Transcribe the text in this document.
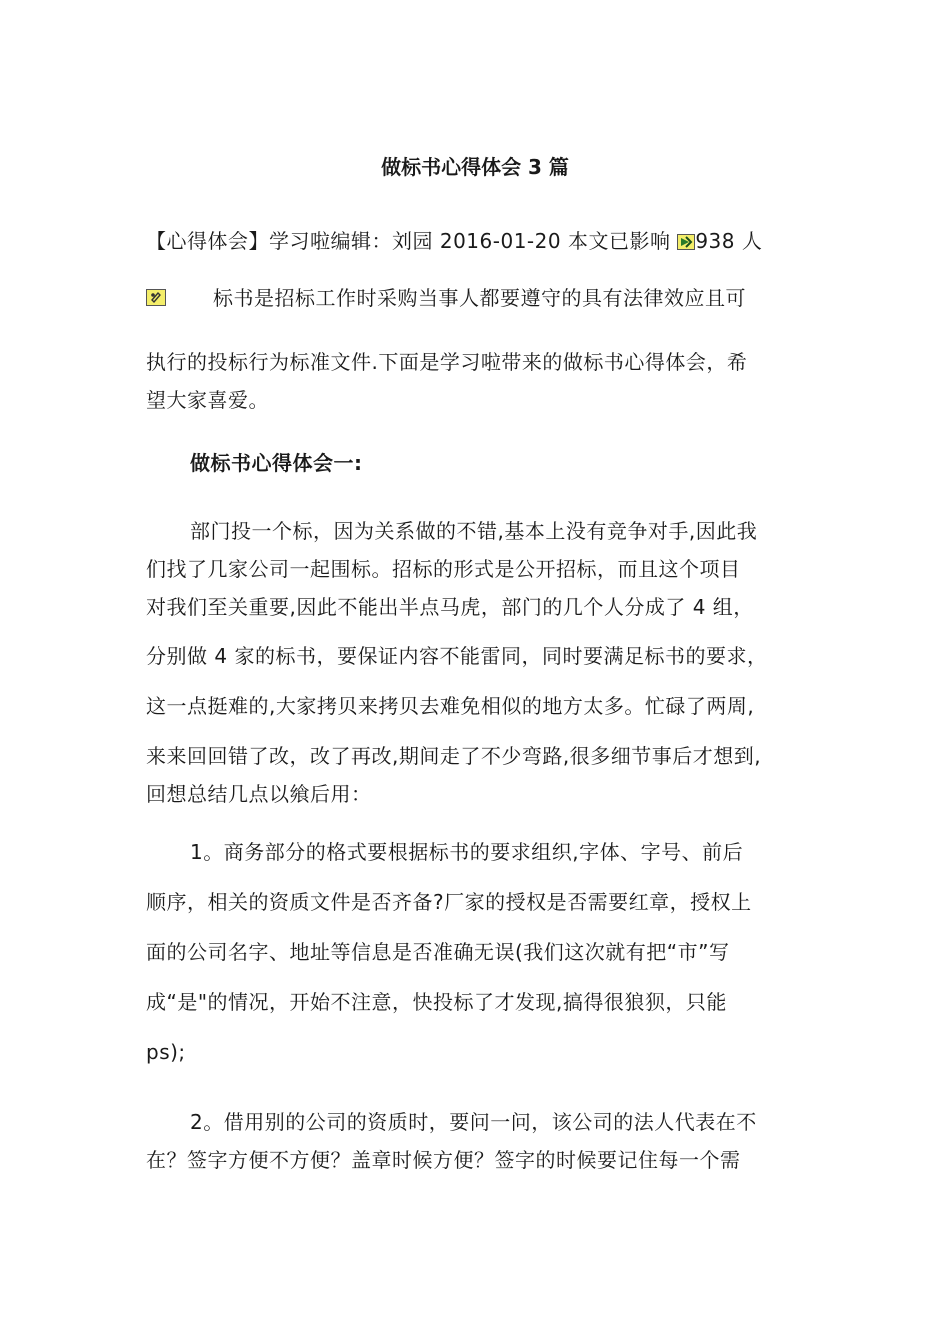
做标书心得体会 3 篇
【心得体会】学习啦编辑：刘园 2016-01-20 本文已影响 938 人
标书是招标工作时采购当事人都要遵守的具有法律效应且可
执行的投标行为标准文件.下面是学习啦带来的做标书心得体会，希
望大家喜爱。
做标书心得体会一:
部门投一个标，因为关系做的不错,基本上没有竞争对手,因此我
们找了几家公司一起围标。招标的形式是公开招标，而且这个项目
对我们至关重要,因此不能出半点马虎，部门的几个人分成了 4 组，
分别做 4 家的标书，要保证内容不能雷同，同时要满足标书的要求，
这一点挺难的,大家拷贝来拷贝去难免相似的地方太多。忙碌了两周,
来来回回错了改，改了再改,期间走了不少弯路,很多细节事后才想到,
回想总结几点以飨后用：
1。商务部分的格式要根据标书的要求组织,字体、字号、前后
顺序，相关的资质文件是否齐备?厂家的授权是否需要红章，授权上
面的公司名字、地址等信息是否准确无误(我们这次就有把“市”写
成“是"的情况，开始不注意，快投标了才发现,搞得很狼狈，只能
ps);
2。借用别的公司的资质时，要问一问，该公司的法人代表在不
在？签字方便不方便？盖章时候方便？签字的时候要记住每一个需
